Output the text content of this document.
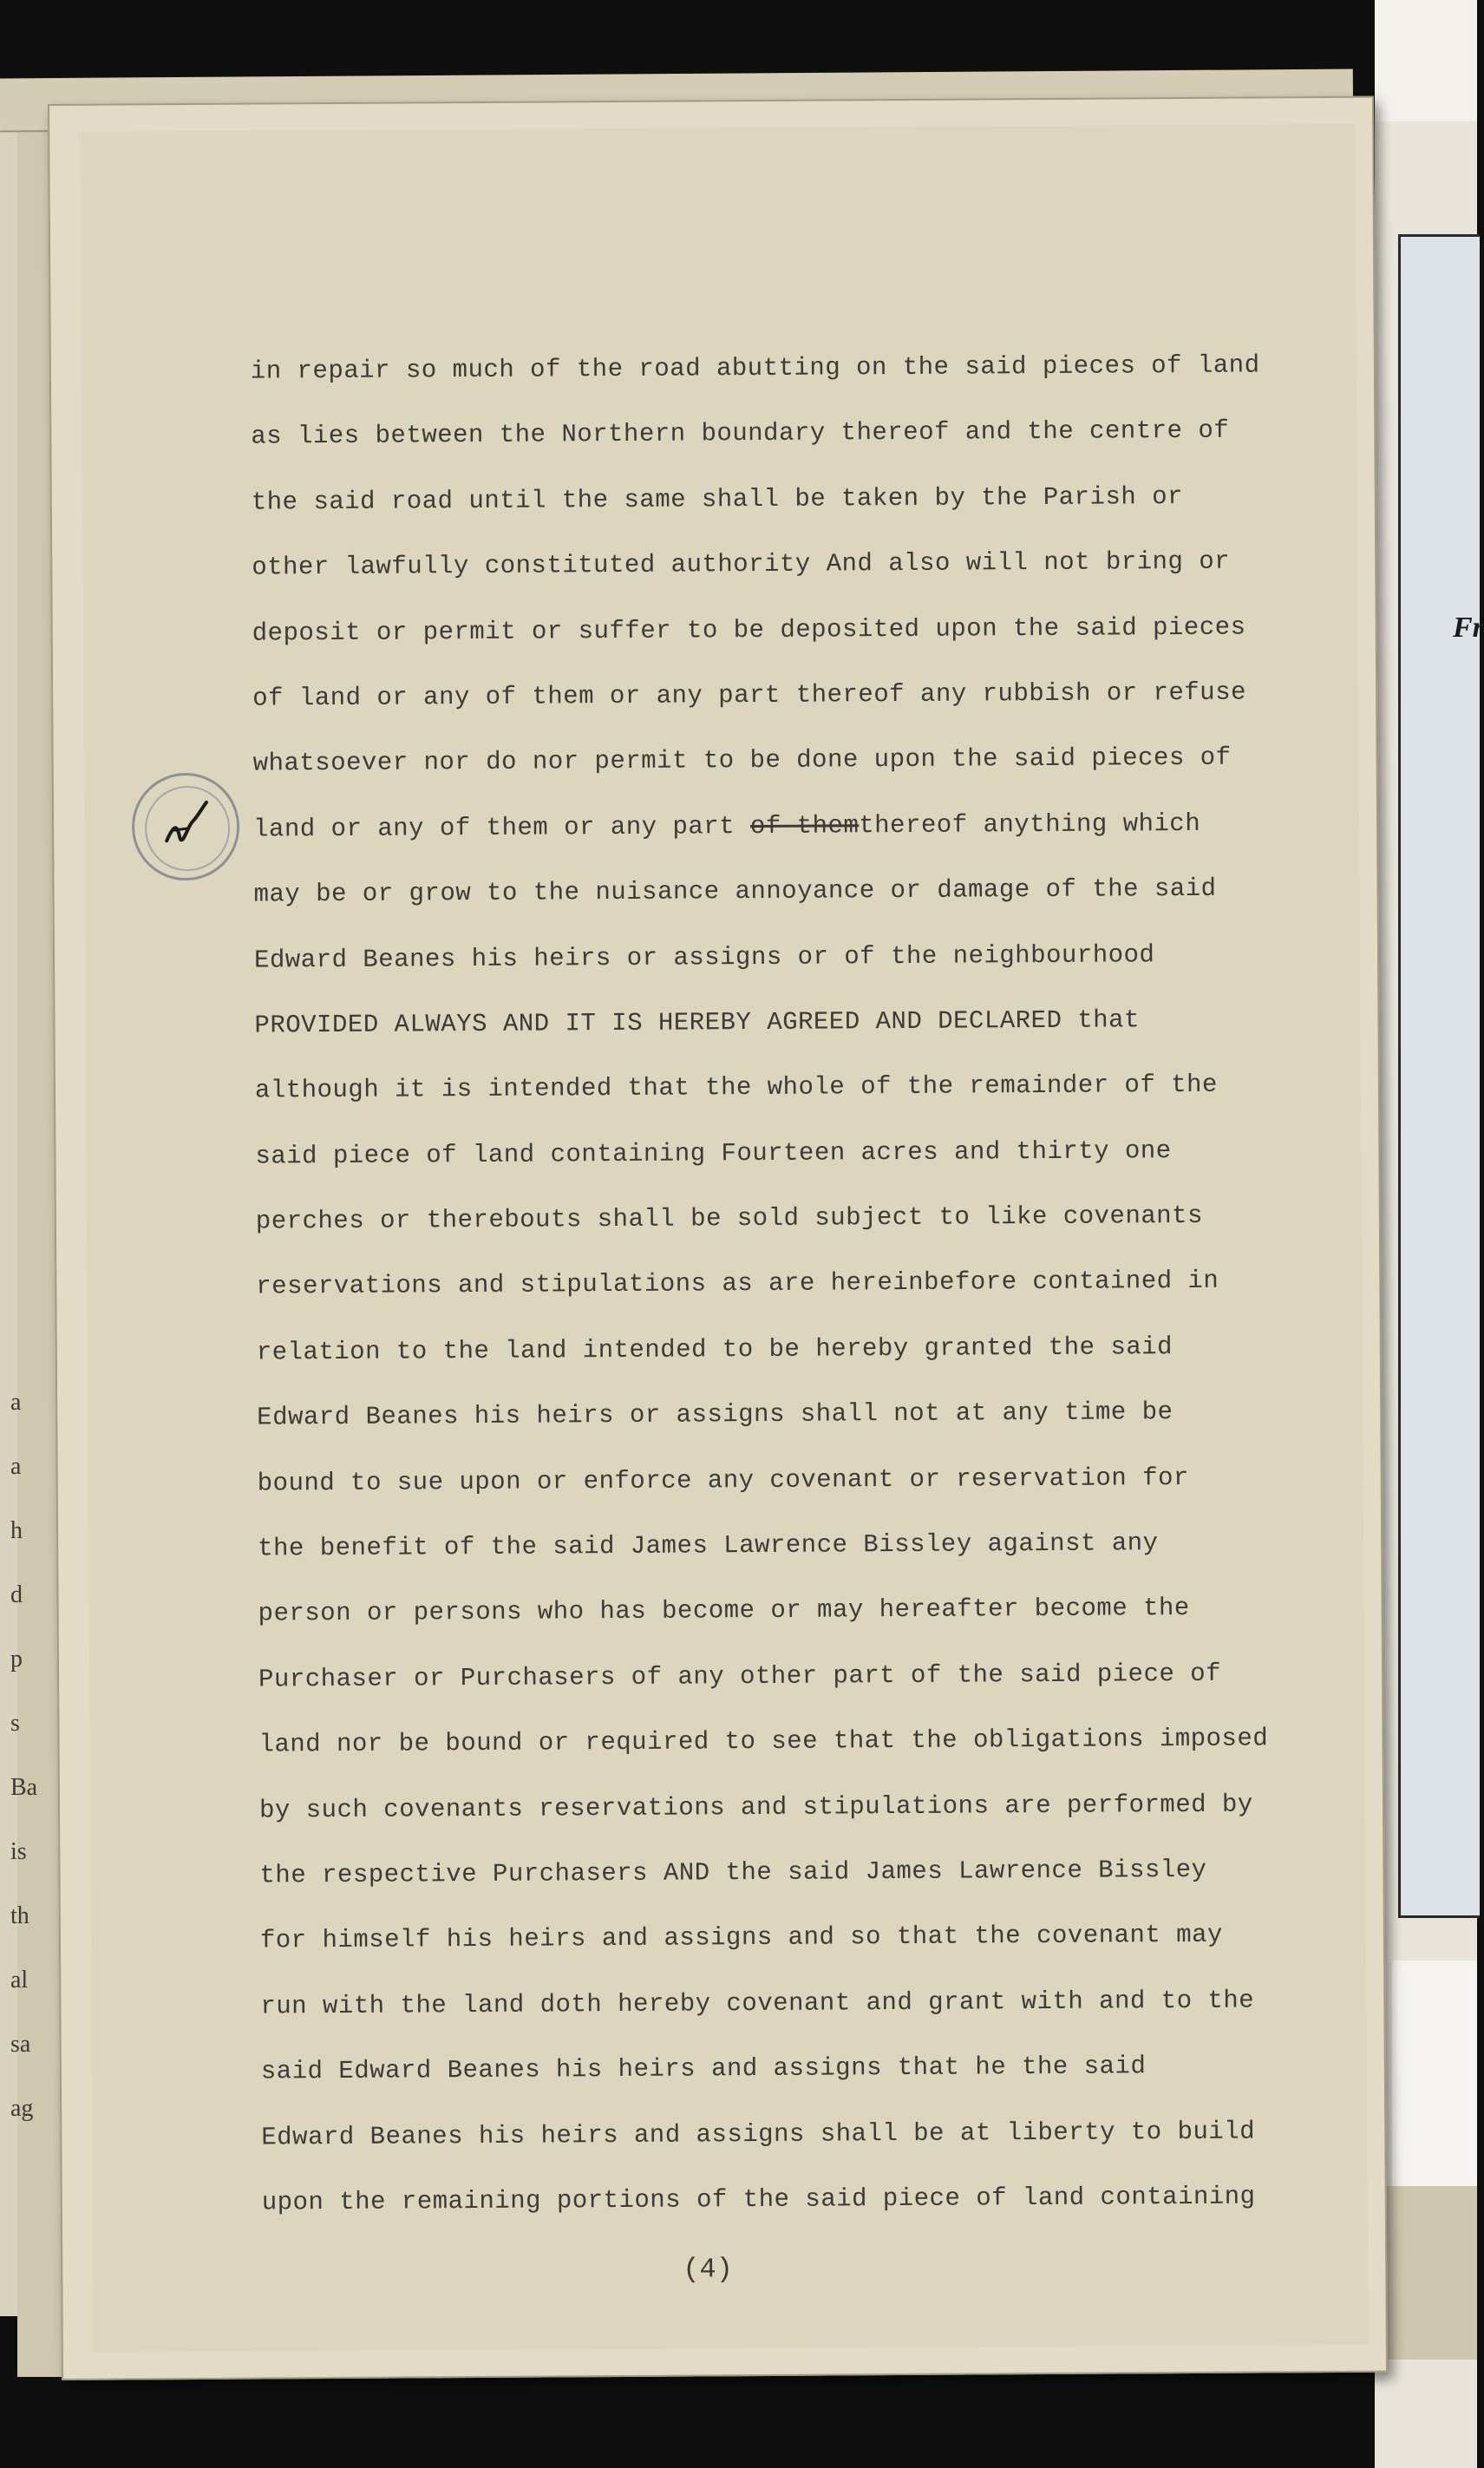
a
a
h
d
p
s
Ba
is
th
al
sa
ag
Fr
in repair so much of the road abutting on the said pieces of land
as lies between the Northern boundary thereof and the centre of
the said road until the same shall be taken by the Parish or
other lawfully constituted authority And also will not bring or
deposit or permit or suffer to be deposited upon the said pieces
of land or any of them or any part thereof any rubbish or refuse
whatsoever nor do nor permit to be done upon the said pieces of
land or any of them or any part of themthereof anything which
may be or grow to the nuisance annoyance or damage of the said
Edward Beanes his heirs or assigns or of the neighbourhood
PROVIDED ALWAYS AND IT IS HEREBY AGREED AND DECLARED that
although it is intended that the whole of the remainder of the
said piece of land containing Fourteen acres and thirty one
perches or therebouts shall be sold subject to like covenants
reservations and stipulations as are hereinbefore contained in
relation to the land intended to be hereby granted the said
Edward Beanes his heirs or assigns shall not at any time be
bound to sue upon or enforce any covenant or reservation for
the benefit of the said James Lawrence Bissley against any
person or persons who has become or may hereafter become the
Purchaser or Purchasers of any other part of the said piece of
land nor be bound or required to see that the obligations imposed
by such covenants reservations and stipulations are performed by
the respective Purchasers AND the said James Lawrence Bissley
for himself his heirs and assigns and so that the covenant may
run with the land doth hereby covenant and grant with and to the
said Edward Beanes his heirs and assigns that he the said
Edward Beanes his heirs and assigns shall be at liberty to build
upon the remaining portions of the said piece of land containing
(4)
